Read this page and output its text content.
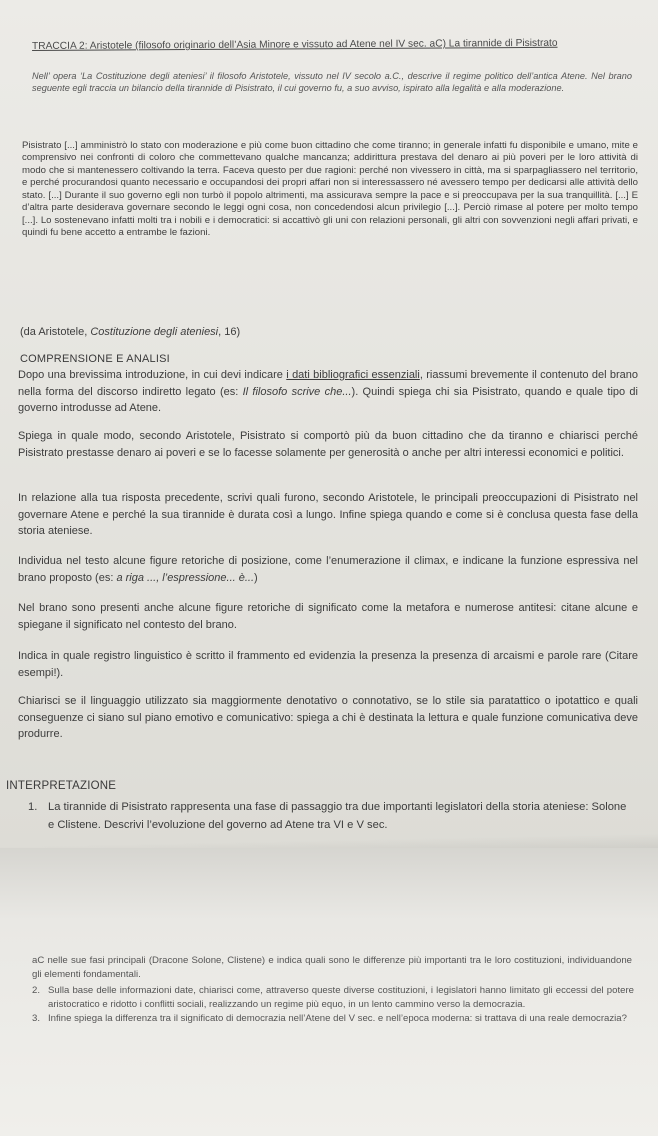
TRACCIA 2: Aristotele (filosofo originario dell’Asia Minore e vissuto ad Atene nel IV sec. aC) La tirannide di Pisistrato
Nell’ opera ‘La Costituzione degli ateniesi’ il filosofo Aristotele, vissuto nel IV secolo a.C., descrive il regime politico dell’antica Atene. Nel brano seguente egli traccia un bilancio della tirannide di Pisistrato, il cui governo fu, a suo avviso, ispirato alla legalità e alla moderazione.
Pisistrato [...] amministrò lo stato con moderazione e più come buon cittadino che come tiranno; in generale infatti fu disponibile e umano, mite e comprensivo nei confronti di coloro che commettevano qualche mancanza; addirittura prestava del denaro ai più poveri per le loro attività di modo che si mantenessero coltivando la terra. Faceva questo per due ragioni: perché non vivessero in città, ma si sparpagliassero nel territorio, e perché procurandosi quanto necessario e occupandosi dei propri affari non si interessassero né avessero tempo per dedicarsi alle attività dello stato. [...] Durante il suo governo egli non turbò il popolo altrimenti, ma assicurava sempre la pace e si preoccupava per la sua tranquillità. [...] E d’altra parte desiderava governare secondo le leggi ogni cosa, non concedendosi alcun privilegio [...]. Perciò rimase al potere per molto tempo [...]. Lo sostenevano infatti molti tra i nobili e i democratici: si accattivò gli uni con relazioni personali, gli altri con sovvenzioni negli affari privati, e quindi fu bene accetto a entrambe le fazioni.
(da Aristotele, Costituzione degli ateniesi, 16)
COMPRENSIONE E ANALISI
Dopo una brevissima introduzione, in cui devi indicare i dati bibliografici essenziali, riassumi brevemente il contenuto del brano nella forma del discorso indiretto legato (es: Il filosofo scrive che...). Quindi spiega chi sia Pisistrato, quando e quale tipo di governo introdusse ad Atene.
Spiega in quale modo, secondo Aristotele, Pisistrato si comportò più da buon cittadino che da tiranno e chiarisci perché Pisistrato prestasse denaro ai poveri e se lo facesse solamente per generosità o anche per altri interessi economici e politici.
In relazione alla tua risposta precedente, scrivi quali furono, secondo Aristotele, le principali preoccupazioni di Pisistrato nel governare Atene e perché la sua tirannide è durata così a lungo. Infine spiega quando e come si è conclusa questa fase della storia ateniese.
Individua nel testo alcune figure retoriche di posizione, come l’enumerazione il climax, e indicane la funzione espressiva nel brano proposto (es: a riga ..., l’espressione... è...)
Nel brano sono presenti anche alcune figure retoriche di significato come la metafora e numerose antitesi: citane alcune e spiegane il significato nel contesto del brano.
Indica in quale registro linguistico è scritto il frammento ed evidenzia la presenza la presenza di arcaismi e parole rare (Citare esempi!).
Chiarisci se il linguaggio utilizzato sia maggiormente denotativo o connotativo, se lo stile sia paratattico o ipotattico e quali conseguenze ci siano sul piano emotivo e comunicativo: spiega a chi è destinata la lettura e quale funzione comunicativa deve produrre.
INTERPRETAZIONE
1. La tirannide di Pisistrato rappresenta una fase di passaggio tra due importanti legislatori della storia ateniese: Solone e Clistene. Descrivi l’evoluzione del governo ad Atene tra VI e V sec.
aC nelle sue fasi principali (Dracone Solone, Clistene) e indica quali sono le differenze più importanti tra le loro costituzioni, individuandone gli elementi fondamentali.
2. Sulla base delle informazioni date, chiarisci come, attraverso queste diverse costituzioni, i legislatori hanno limitato gli eccessi del potere aristocratico e ridotto i conflitti sociali, realizzando un regime più equo, in un lento cammino verso la democrazia.
3. Infine spiega la differenza tra il significato di democrazia nell’Atene del V sec. e nell’epoca moderna: si trattava di una reale democrazia?
